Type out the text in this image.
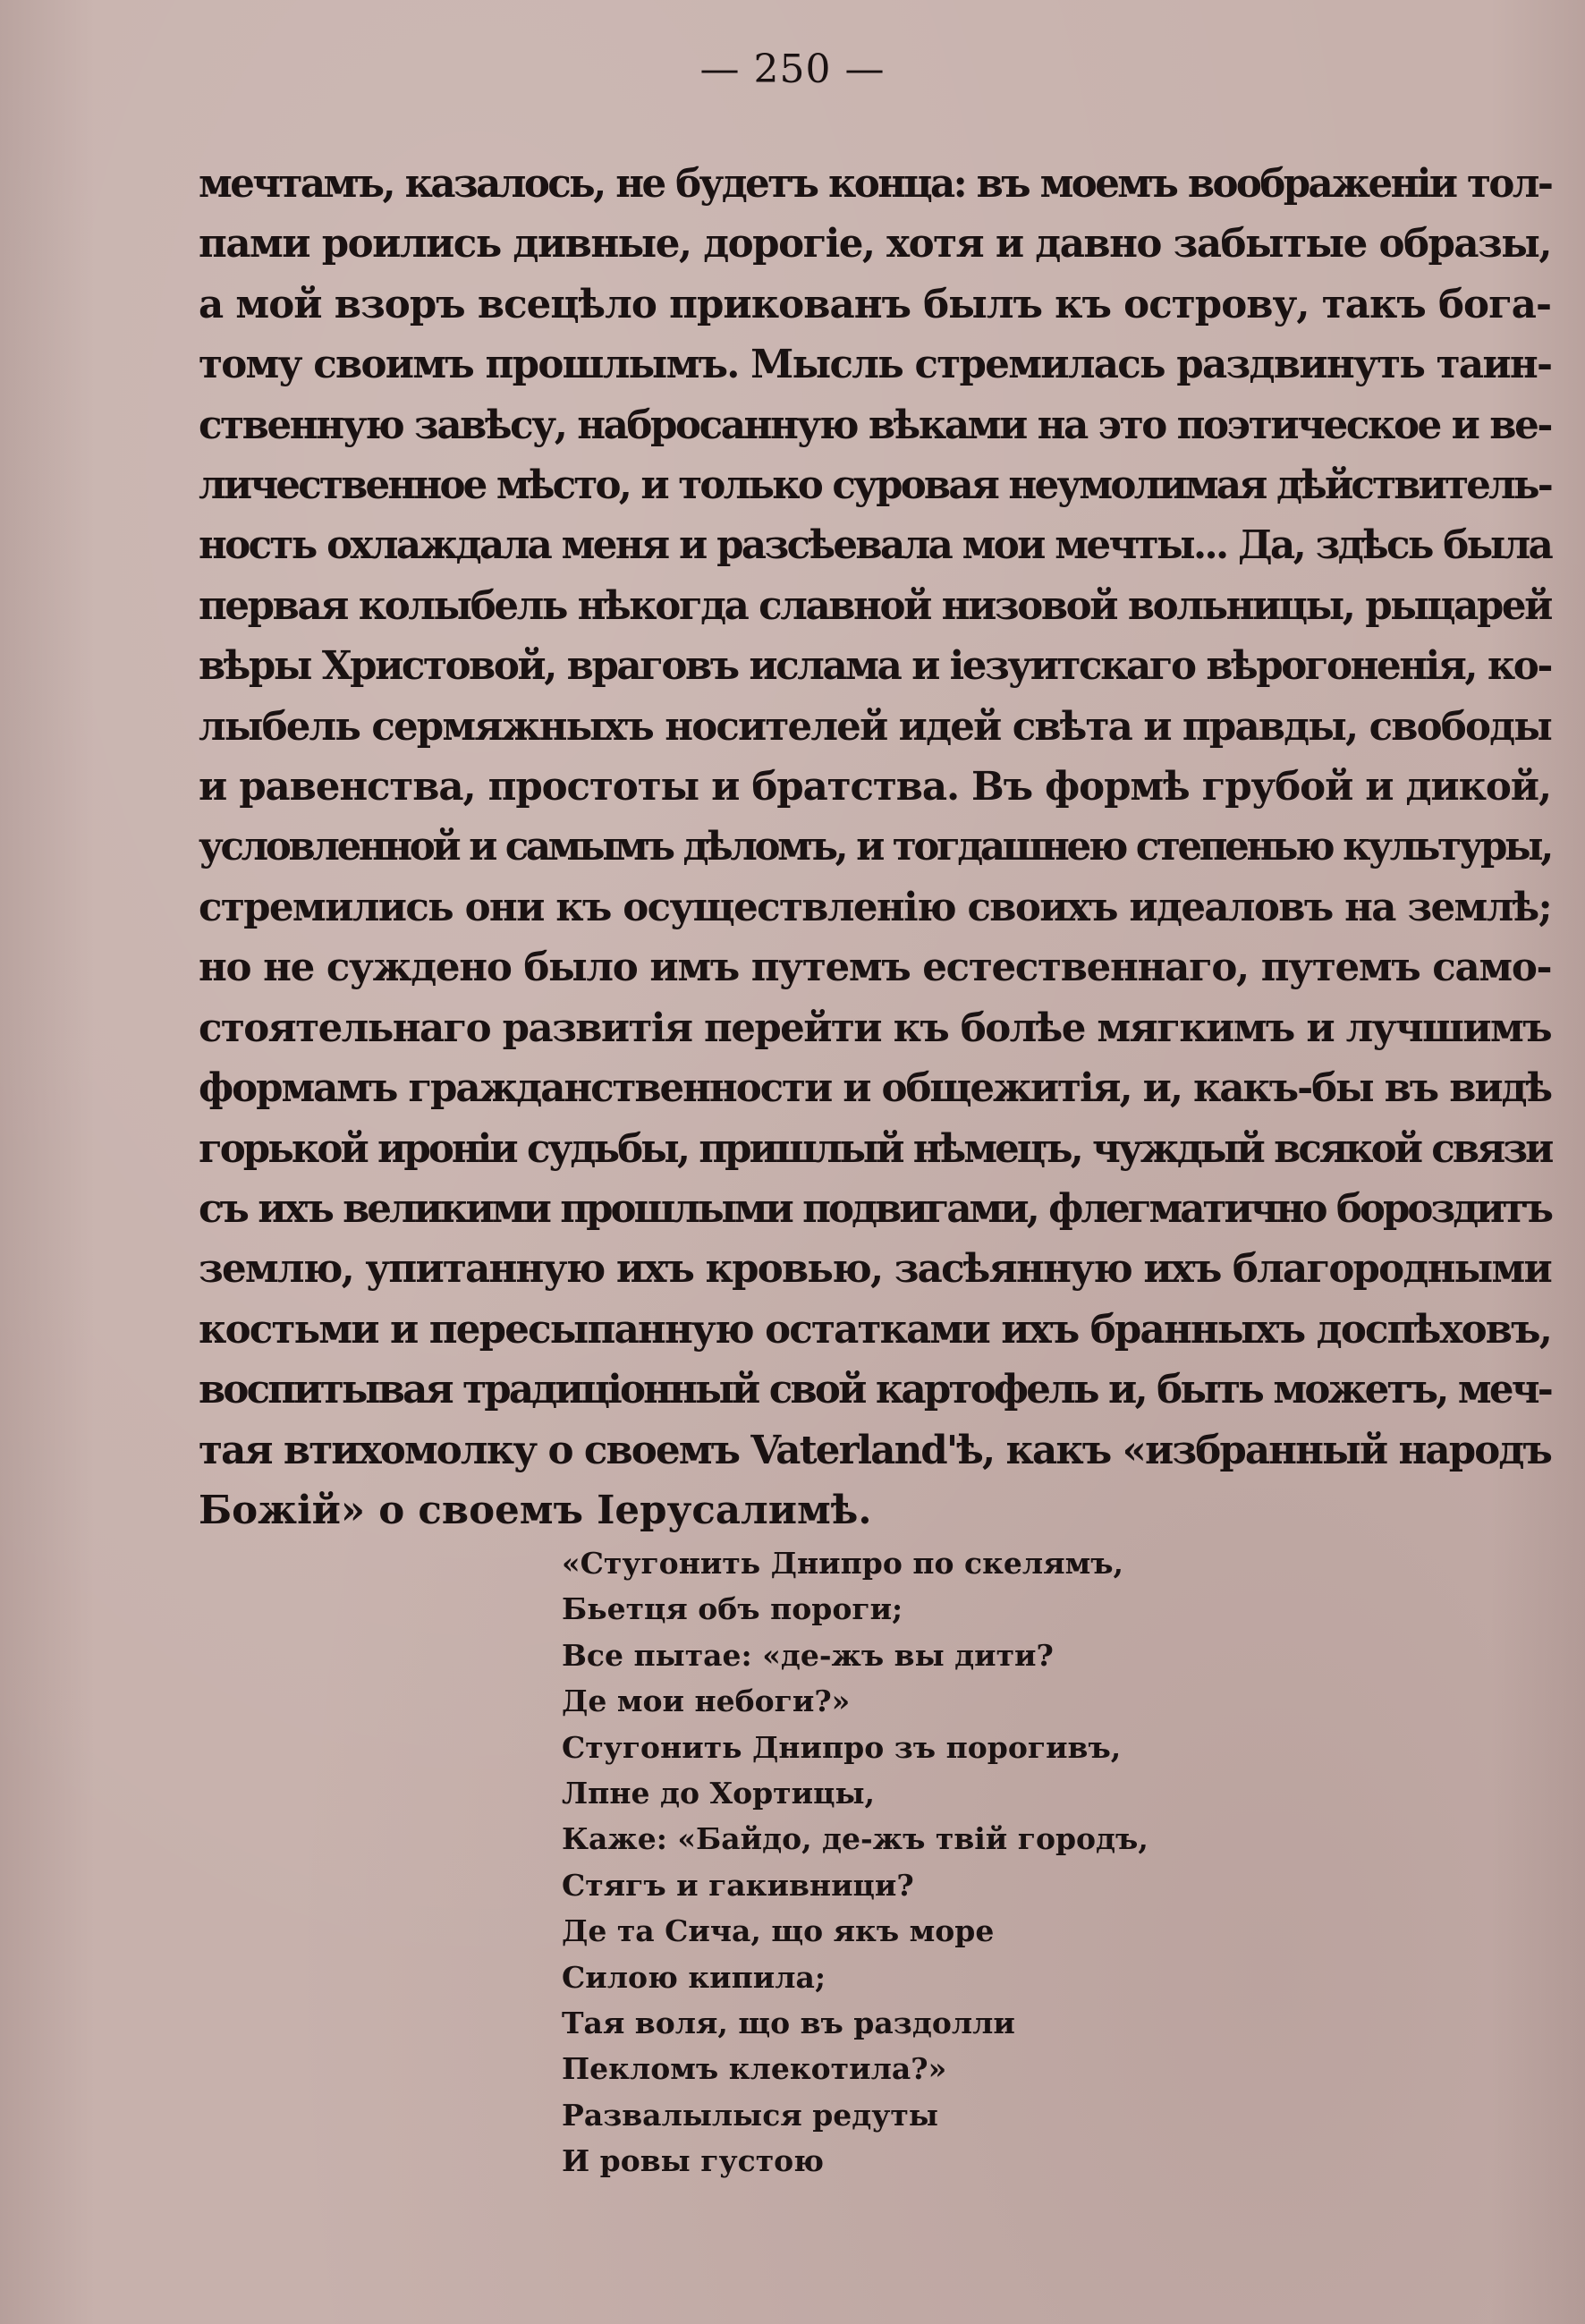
— 250 —
мечтамъ, казалось, не будетъ конца: въ моемъ воображеніи тол-
пами роились дивные, дорогіе, хотя и давно забытые образы,
а мой взоръ всецѣло прикованъ былъ къ острову, такъ бога-
тому своимъ прошлымъ. Мысль стремилась раздвинуть таин-
ственную завѣсу, наброcанную вѣками на это поэтическое и ве-
личественное мѣсто, и только суровая неумолимая дѣйствитель-
ность охлаждала меня и разсѣевала мои мечты... Да, здѣсь была
первая колыбель нѣкогда славной низовой вольницы, рыцарей
вѣры Христовой, враговъ ислама и іезуитскаго вѣрогоненія, ко-
лыбель сермяжныхъ носителей идей свѣта и правды, свободы
и равенства, простоты и братства. Въ формѣ грубой и дикой,
условленной и самымъ дѣломъ, и тогдашнею степенью культуры,
стремились они къ осуществленію своихъ идеаловъ на землѣ;
но не суждено было имъ путемъ естественнаго, путемъ само-
стоятельнаго развитія перейти къ болѣе мягкимъ и лучшимъ
формамъ гражданственности и общежитія, и, какъ-бы въ видѣ
горькой ироніи судьбы, пришлый нѣмецъ, чуждый всякой связи
съ ихъ великими прошлыми подвигами, флегматично бороздитъ
землю, упитанную ихъ кровью, засѣянную ихъ благородными
костьми и пересыпанную остатками ихъ бранныхъ доспѣховъ,
воспитывая традиціонный свой картофель и, быть можетъ, меч-
тая втихомолку о своемъ Vaterland'ѣ, какъ «избранный народъ
Божій» о своемъ Іерусалимѣ.
«Стугонить Днипро по скелямъ,
Бьетця объ пороги;
Все пытае: «де-жъ вы дити?
Де мои небоги?»
Стугонить Днипро зъ порогивъ,
Лпне до Хортицы,
Каже: «Байдо, де-жъ твій городъ,
Стягъ и гакивници?
Де та Сича, що якъ море
Силою кипила;
Тая воля, що въ раздолли
Пекломъ клекотила?»
Развалылыся редуты
И ровы густою
